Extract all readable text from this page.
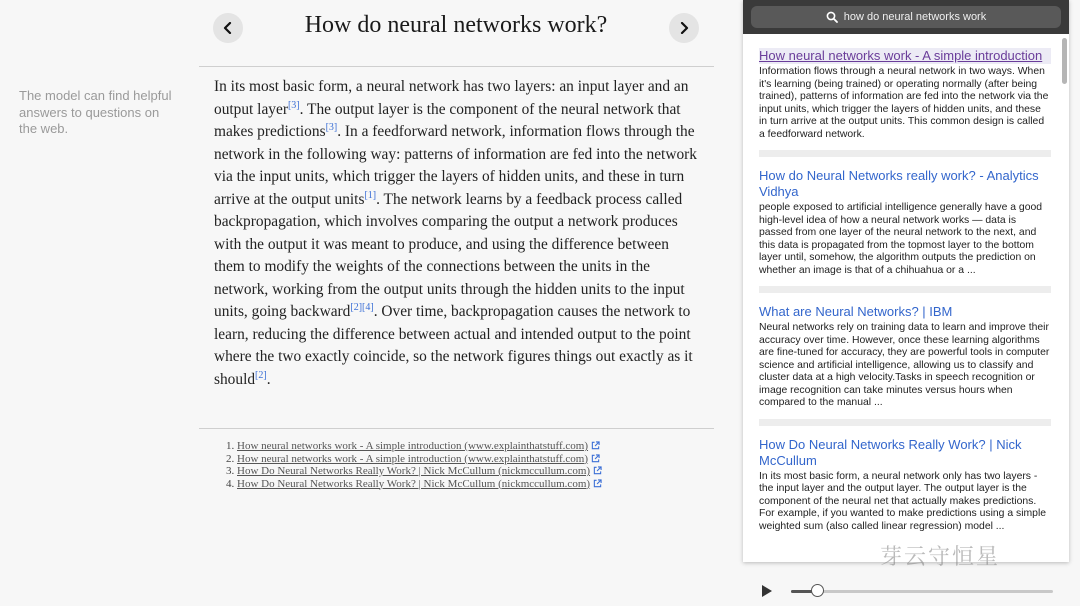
The model can find helpful answers to questions on the web.
How do neural networks work?

In its most basic form, a neural network has two layers: an input layer and an output layer[3]. The output layer is the component of the neural network that makes predictions[3]. In a feedforward network, information flows through the network in the following way: patterns of information are fed into the network via the input units, which trigger the layers of hidden units, and these in turn arrive at the output units[1]. The network learns by a feedback process called backpropagation, which involves comparing the output a network produces with the output it was meant to produce, and using the difference between them to modify the weights of the connections between the units in the network, working from the output units through the hidden units to the input units, going backward[2][4]. Over time, backpropagation causes the network to learn, reducing the difference between actual and intended output to the point where the two exactly coincide, so the network figures things out exactly as it should[2].

1. How neural networks work - A simple introduction (www.explainthatstuff.com)
2. How neural networks work - A simple introduction (www.explainthatstuff.com)
3. How Do Neural Networks Really Work? | Nick McCullum (nickmccullum.com)
4. How Do Neural Networks Really Work? | Nick McCullum (nickmccullum.com)
how do neural networks work
How neural networks work - A simple introduction
Information flows through a neural network in two ways. When it's learning (being trained) or operating normally (after being trained), patterns of information are fed into the network via the input units, which trigger the layers of hidden units, and these in turn arrive at the output units. This common design is called a feedforward network.
How do Neural Networks really work? - Analytics Vidhya
people exposed to artificial intelligence generally have a good high-level idea of how a neural network works — data is passed from one layer of the neural network to the next, and this data is propagated from the topmost layer to the bottom layer until, somehow, the algorithm outputs the prediction on whether an image is that of a chihuahua or a ...
What are Neural Networks? | IBM
Neural networks rely on training data to learn and improve their accuracy over time. However, once these learning algorithms are fine-tuned for accuracy, they are powerful tools in computer science and artificial intelligence, allowing us to classify and cluster data at a high velocity.Tasks in speech recognition or image recognition can take minutes versus hours when compared to the manual ...
How Do Neural Networks Really Work? | Nick McCullum
In its most basic form, a neural network only has two layers - the input layer and the output layer. The output layer is the component of the neural net that actually makes predictions. For example, if you wanted to make predictions using a simple weighted sum (also called linear regression) model ...
芽云守恒星
